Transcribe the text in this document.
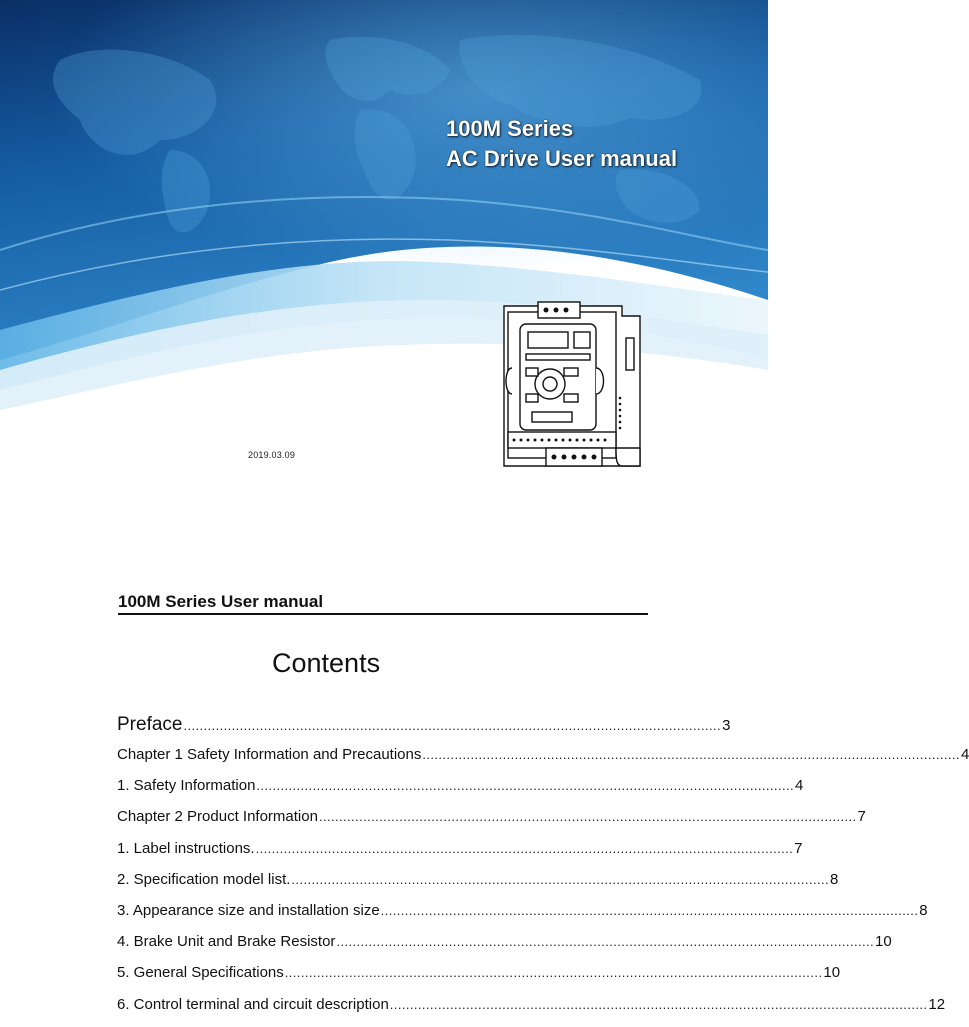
100M Series
AC Drive User manual
2019.03.09
100M Series User manual
Contents
Preface ...................................................................................................................................... 3
Chapter 1 Safety Information and Precautions ...................................................................................................................................... 4
1. Safety Information ...................................................................................................................................... 4
Chapter 2 Product Information ...................................................................................................................................... 7
1. Label instructions. ...................................................................................................................................... 7
2. Specification model list. ...................................................................................................................................... 8
3. Appearance size and installation size ...................................................................................................................................... 8
4. Brake Unit and Brake Resistor ...................................................................................................................................... 10
5. General Specifications ...................................................................................................................................... 10
6. Control terminal and circuit description ...................................................................................................................................... 12
